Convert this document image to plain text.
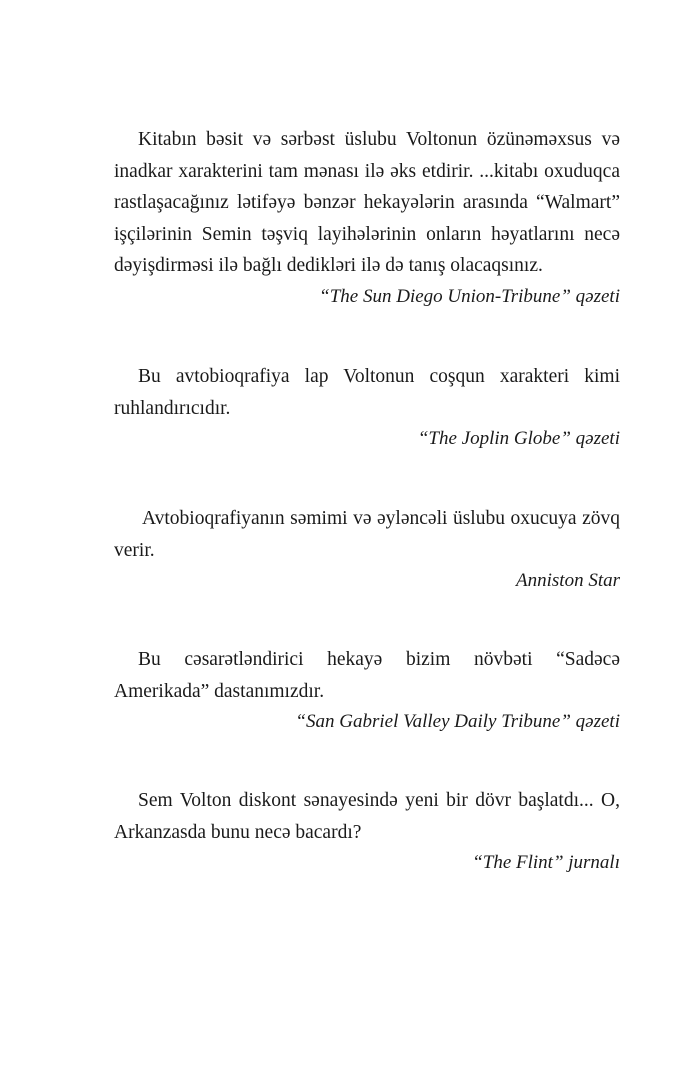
Kitabın bəsit və sərbəst üslubu Voltonun özünəməxsus və inadkar xarakterini tam mənası ilə əks etdirir. ...kitabı oxuduqca rastlaşacağınız lətifəyə bənzər hekayələrin arasında “Walmart” işçilərinin Semin təşviq layihələrinin onların həyatlarını necə dəyişdirməsi ilə bağlı dedikləri ilə də tanış olacaqsınız.

“The Sun Diego Union-Tribune” qəzeti

Bu avtobioqrafiya lap Voltonun coşqun xarakteri kimi ruhlandırıcıdır.

“The Joplin Globe” qəzeti

Avtobioqrafiyanın səmimi və əyləncəli üslubu oxucuya zövq verir.

Anniston Star

Bu cəsarətləndirici hekayə bizim növbəti “Sadəcə Amerikada” dastanımızdır.

“San Gabriel Valley Daily Tribune” qəzeti

Sem Volton diskont sənayesində yeni bir dövr başlatdı... O, Arkanzasda bunu necə bacardı?

“The Flint” jurnalı
